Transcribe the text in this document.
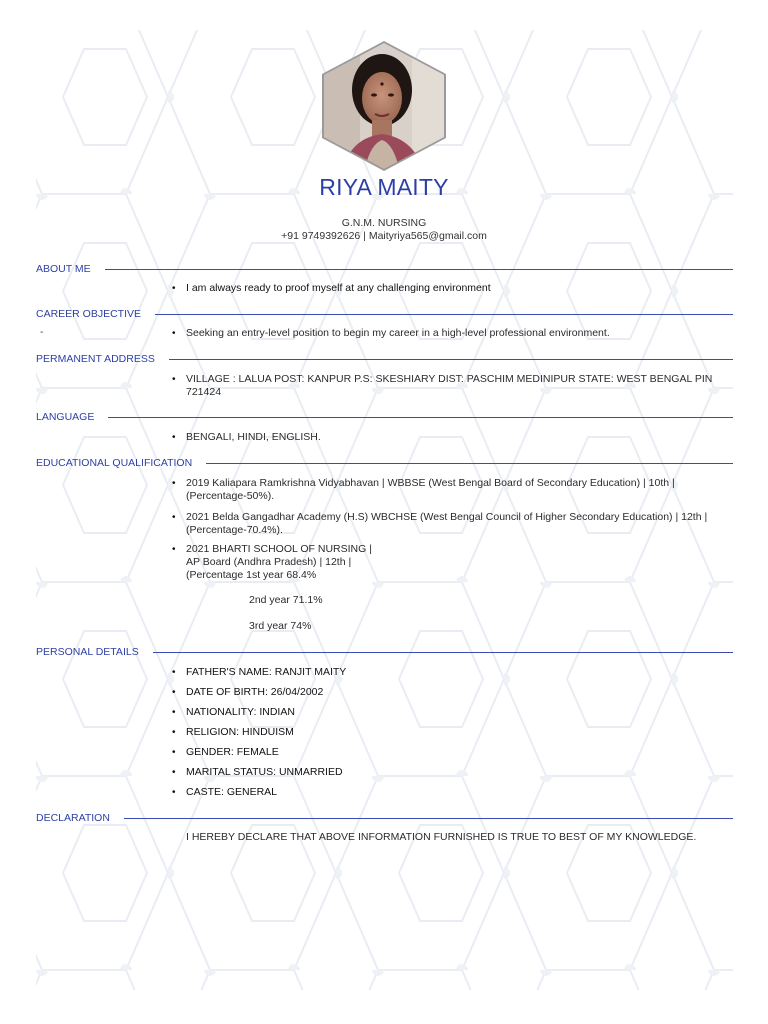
RIYA MAITY
G.N.M. NURSING
+91 9749392626 | Maityriya565@gmail.com
ABOUT ME
• I am always ready to proof myself at any challenging environment
CAREER OBJECTIVE
-	• Seeking an entry-level position to begin my career in a high-level professional environment.
PERMANENT ADDRESS
• VILLAGE : LALUA POST: KANPUR P.S: SKESHIARY DIST: PASCHIM MEDINIPUR STATE: WEST BENGAL PIN
721424
LANGUAGE
• BENGALI, HINDI, ENGLISH.
EDUCATIONAL QUALIFICATION
• 2019 Kaliapara Ramkrishna Vidyabhavan | WBBSE (West Bengal Board of Secondary Education) | 10th |
(Percentage-50%).
• 2021 Belda Gangadhar Academy (H.S) WBCHSE (West Bengal Council of Higher Secondary Education) | 12th |
(Percentage-70.4%).
• 2021 BHARTI SCHOOL OF NURSING |
AP Board (Andhra Pradesh) | 12th |
(Percentage 1st year 68.4%
2nd year 71.1%
3rd year 74%
PERSONAL DETAILS
• FATHER'S NAME: RANJIT MAITY
• DATE OF BIRTH: 26/04/2002
• NATIONALITY: INDIAN
• RELIGION: HINDUISM
• GENDER: FEMALE
• MARITAL STATUS: UNMARRIED
• CASTE: GENERAL
DECLARATION
I HEREBY DECLARE THAT ABOVE INFORMATION FURNISHED IS TRUE TO BEST OF MY KNOWLEDGE.
